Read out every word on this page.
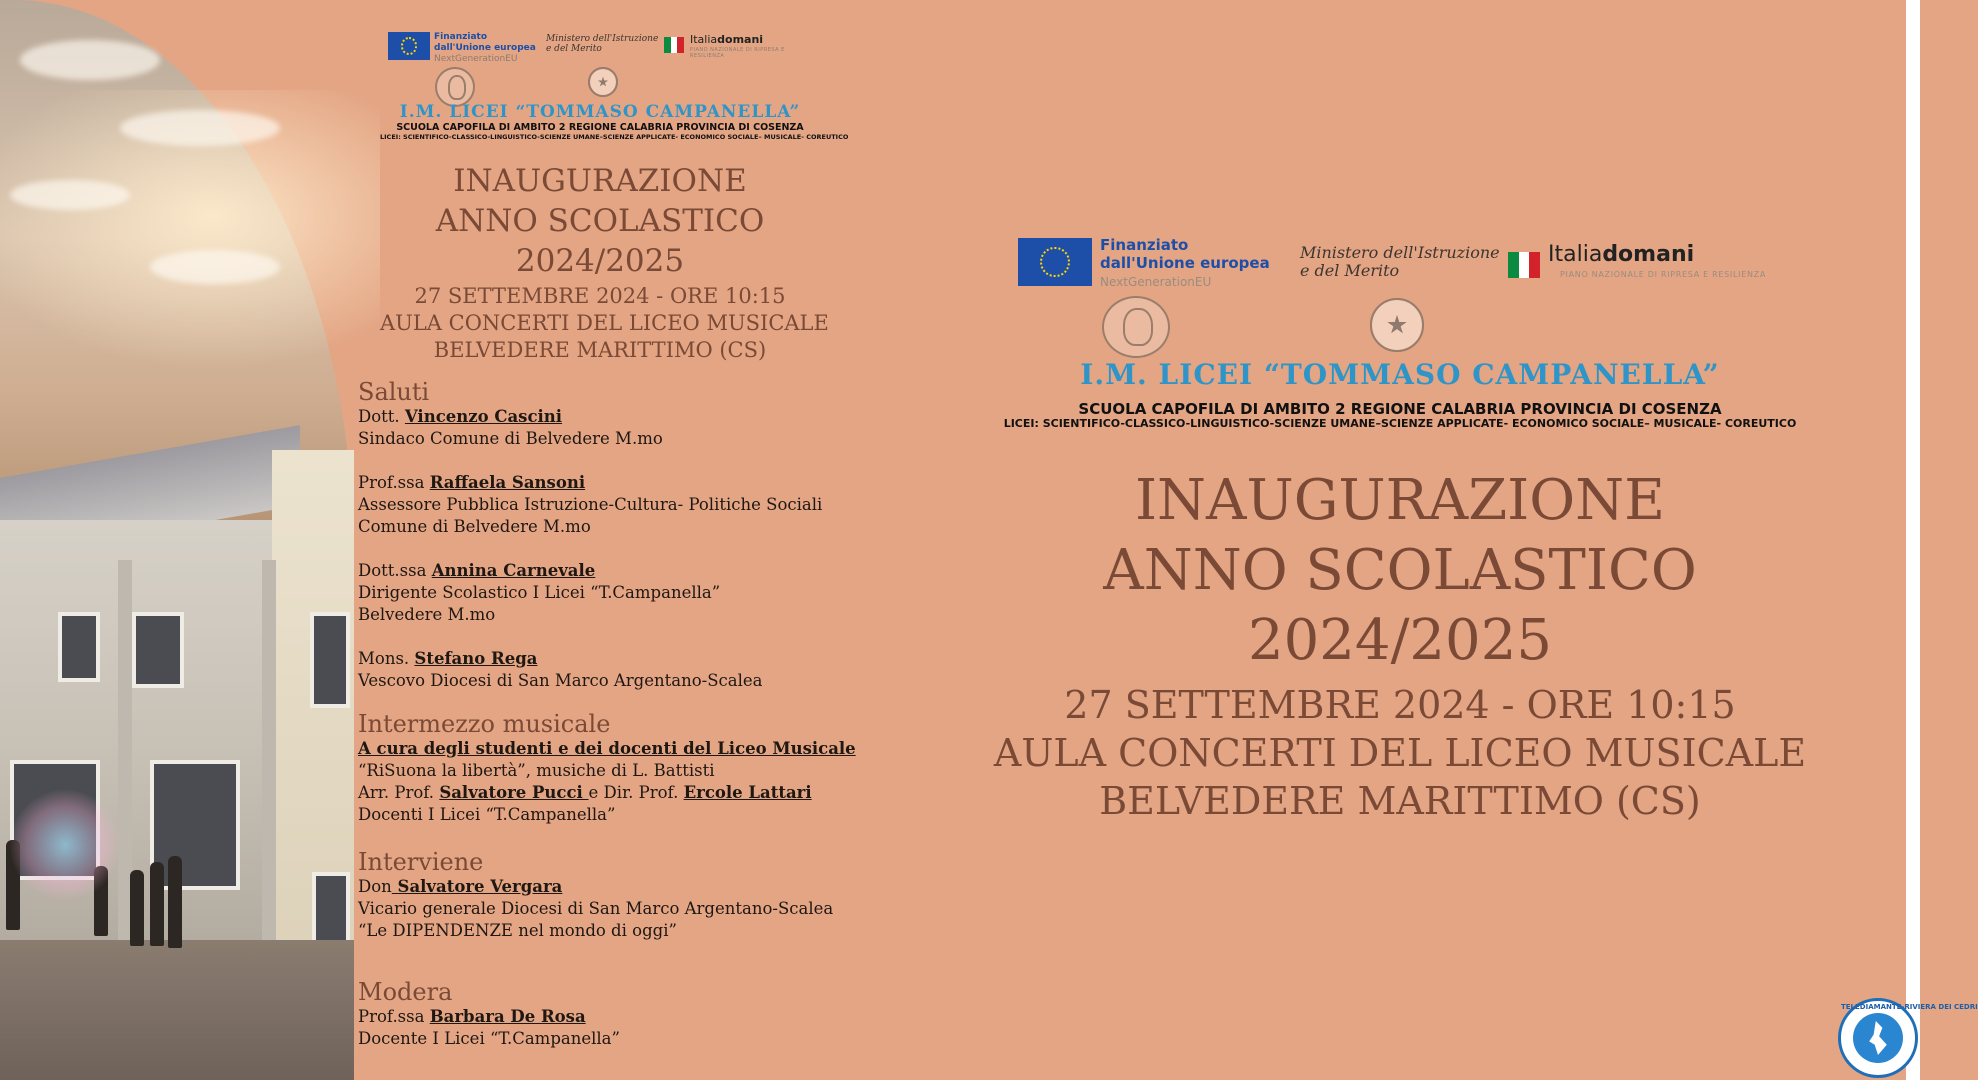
Finanziato
dall'Unione europea
NextGenerationEU
Ministero dell'Istruzione
e del Merito
Italiadomani
PIANO NAZIONALE DI RIPRESA E RESILIENZA
I.M. LICEI “TOMMASO CAMPANELLA”
SCUOLA CAPOFILA DI AMBITO 2 REGIONE CALABRIA PROVINCIA DI COSENZA
LICEI: SCIENTIFICO-CLASSICO-LINGUISTICO-SCIENZE UMANE–SCIENZE APPLICATE- ECONOMICO SOCIALE– MUSICALE- COREUTICO
INAUGURAZIONE
ANNO SCOLASTICO
2024/2025
27 SETTEMBRE 2024 - ORE 10:15
AULA CONCERTI DEL LICEO MUSICALE
BELVEDERE MARITTIMO (CS)
Saluti
Dott. Vincenzo Cascini
Sindaco Comune di Belvedere M.mo
Prof.ssa Raffaela Sansoni
Assessore Pubblica Istruzione-Cultura- Politiche Sociali
Comune di Belvedere M.mo
Dott.ssa Annina Carnevale
Dirigente Scolastico I Licei “T.Campanella”
Belvedere M.mo
Mons. Stefano Rega
Vescovo Diocesi di San Marco Argentano-Scalea
Intermezzo musicale
A cura degli studenti e dei docenti del Liceo Musicale
“RiSuona la libertà”, musiche di L. Battisti
Arr. Prof. Salvatore Pucci e Dir. Prof. Ercole Lattari
Docenti I Licei “T.Campanella”
Interviene
Don Salvatore Vergara
Vicario generale Diocesi di San Marco Argentano-Scalea
“Le DIPENDENZE nel mondo di oggi”
Modera
Prof.ssa Barbara De Rosa
Docente I Licei “T.Campanella”
Finanziato
dall'Unione europea
NextGenerationEU
Ministero dell'Istruzione
e del Merito
Italiadomani
PIANO NAZIONALE DI RIPRESA E RESILIENZA
I.M. LICEI “TOMMASO CAMPANELLA”
SCUOLA CAPOFILA DI AMBITO 2 REGIONE CALABRIA PROVINCIA DI COSENZA
LICEI: SCIENTIFICO-CLASSICO-LINGUISTICO-SCIENZE UMANE–SCIENZE APPLICATE- ECONOMICO SOCIALE– MUSICALE- COREUTICO
INAUGURAZIONE
ANNO SCOLASTICO
2024/2025
27 SETTEMBRE 2024 - ORE 10:15
AULA CONCERTI DEL LICEO MUSICALE
BELVEDERE MARITTIMO (CS)
TELEDIAMANTE-RIVIERA DEI CEDRI
